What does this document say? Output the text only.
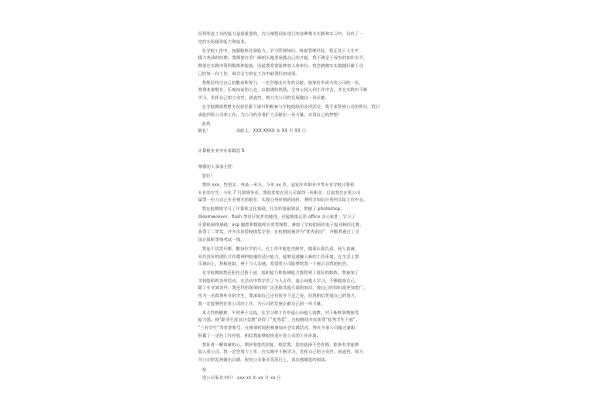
而利用此工具的能力是最重要的，在与课程同步进行的各种相关实践和实习中，具有了一
定的实际操作能力和技术。
在学校工作中，加强锻炼处事能力，学习管理知识，吸收管理经验。我正处于人生中
精力充沛的时期，我渴望在更广阔的天地里展露自己的才能，我不满足于现有的知识水平，
期望在实践中得到锻炼和提高，因此我希望能够加入贵单位。我会踏踏实实地做好属于自
己的每一份工作，竭尽全力的在工作中取得好的成绩。
我相信经过自己的勤奋和努力，一定会做出应有的贡献。如果有幸成为贵公司的一员，
我将本着敬业、乐观向前的心态，以饱满的热情，全身心投入到工作中去，并在实践中不断
学习，发挥自己的主动性、创造性，竭力为公司的发展做出一份贡献。
在学校期间我曾多次担任班干部并积极参与学校组织的各项活动，我不求得到公司的赏识，我只
求能到贵公司来工作，为公司的业务扩大贡献出一份力量，实现自己的梦想！
此致
敬礼！	求职人：XXX XXXX 年 XX 月 XX 日
计算机专业中专求职信 5
尊敬的人事部主管：
您好！
我叫 xxx，性别女，身高一米五，今年 xx 岁，是安庆市职业中等专业学校计算机
专业的学生，今年 7 月即将毕业。我很希望在贵公司谋得一份职业，目前我会在贵公司
谋得一份与自己专业相关的职业，实现自身价值的同时，将所学知识应用到实际工作中去。
我在校期间学习了计算机文化基础，扎实的基础知识，掌握了 photoshop，
dreamweaver、flash 等设计软件的使用，还能熟练运用 office 办公软件，学习了
计算机网络基础、asp 编程和数据库应用等课程，参加了学校组织的电子报刊制作比赛，
获得了二等奖，并多次获得校级奖学金，在校期间被评为“优秀团员”，并顺利通过了全
国计算机等级考试一级。
我是个活泼开朗、勤奋好学的人，在工作中能吃苦耐劳，做事认真负责，待人真诚，
具有良好的团队合作精神和较强的适应能力，能够迅速融入新的工作环境，在生活上我
乐观向上，积极进取，善于与人沟通。希望贵公司能够给我一个展示自我的机会。
在学校期间我还担任过班干部，组织能力和协调能力都得到了很好的锻炼，我参加了
学校组织的各项活动，在活动中我学会了与人合作，虚心向他人学习，不断提高自己。
除了专业知识外，我还利用课余时间广泛涉猎其他方面的知识，使自己的知识面更加宽广。
作为一名即将毕业的学生，我深知自己还有很多不足之处，但我相信凭借自己的努力，
我一定能够胜任贵公司的工作，为公司的发展贡献自己的一份力量。
本人性格随和，平时善于交流，在学习和工作中虚心向他人请教，对于新鲜事物接受
能力强。校“职业生涯设计竞赛”获得了“优秀奖”，在校期间多次获得“优秀学生干部”、
“三好学生”等荣誉称号，在课余时间积极参加社会实践活动，曾在多家公司做过兼职，
积累了一定的工作经验，相信我能够很快适应贵公司的工作环境。
我怀着一颗真诚的心，期待着您的回复，相信我，您的选择不会有错，如果有幸能够
加入贵公司，我一定会努力工作，在实践中不断学习，发挥自己的主动性、创造性，竭力
为公司的发展做出贡献。祝贵公司事业蒸蒸日上，再次感谢您的阅读。
祝
贵公司事业兴旺！ xxx xx 年 xx 月 xx 日
